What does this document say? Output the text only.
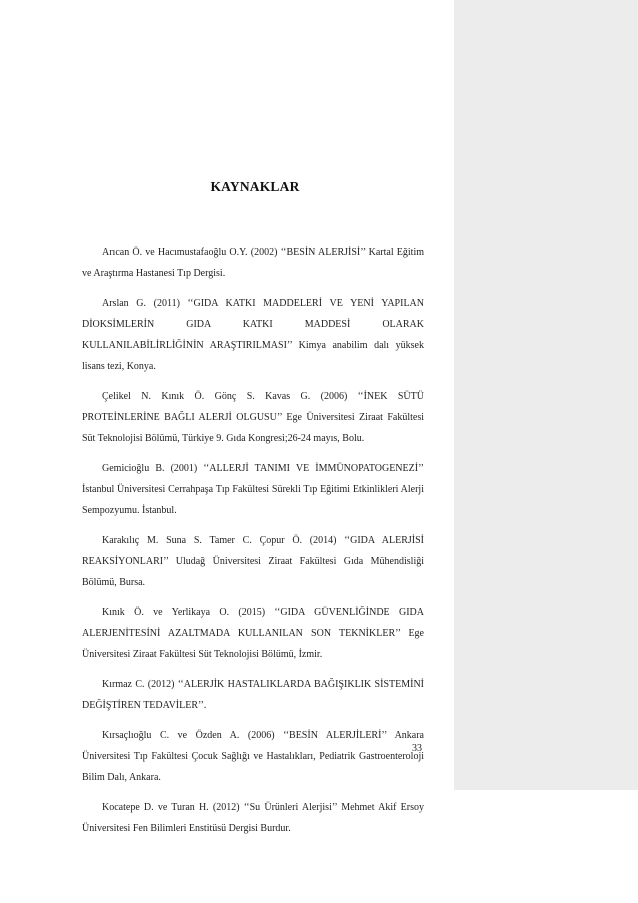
KAYNAKLAR

Arıcan Ö. ve Hacımustafaoğlu O.Y. (2002) ‘‘BESİN ALERJİSİ’’ Kartal Eğitim ve Araştırma Hastanesi Tıp Dergisi.

Arslan G. (2011) ‘‘GIDA KATKI MADDELERİ VE YENİ YAPILAN DİOKSİMLERİN GIDA KATKI MADDESİ OLARAK KULLANILABİLİRLİĞİNİN ARAŞTIRILMASI’’ Kimya anabilim dalı yüksek lisans tezi, Konya.

Çelikel N. Kınık Ö. Gönç S. Kavas G. (2006) ‘‘İNEK SÜTÜ PROTEİNLERİNE BAĞLI ALERJİ OLGUSU’’ Ege Üniversitesi Ziraat Fakültesi Süt Teknolojisi Bölümü, Türkiye 9. Gıda Kongresi;26-24 mayıs, Bolu.

Gemicioğlu B. (2001) ‘‘ALLERJİ TANIMI VE İMMÜNOPATOGENEZİ’’ İstanbul Üniversitesi Cerrahpaşa Tıp Fakültesi Sürekli Tıp Eğitimi Etkinlikleri Alerji Sempozyumu. İstanbul.

Karakılıç M. Suna S. Tamer C. Çopur Ö. (2014) ‘‘GIDA ALERJİSİ REAKSİYONLARI’’ Uludağ Üniversitesi Ziraat Fakültesi Gıda Mühendisliği Bölümü, Bursa.

Kınık Ö. ve Yerlikaya O. (2015) ‘‘GIDA GÜVENLİĞİNDE GIDA ALERJENİTESİNİ AZALTMADA KULLANILAN SON TEKNİKLER’’ Ege Üniversitesi Ziraat Fakültesi Süt Teknolojisi Bölümü, İzmir.

Kırmaz C. (2012) ‘‘ALERJİK HASTALIKLARDA BAĞIŞIKLIK SİSTEMİNİ DEĞİŞTİREN TEDAVİLER’’.

Kırsaçlıoğlu C. ve Özden A. (2006) ‘‘BESİN ALERJİLERİ’’ Ankara Üniversitesi Tıp Fakültesi Çocuk Sağlığı ve Hastalıkları, Pediatrik Gastroenteroloji Bilim Dalı, Ankara.

Kocatepe D. ve Turan H. (2012) ‘‘Su Ürünleri Alerjisi’’ Mehmet Akif Ersoy Üniversitesi Fen Bilimleri Enstitüsü Dergisi Burdur.

33
